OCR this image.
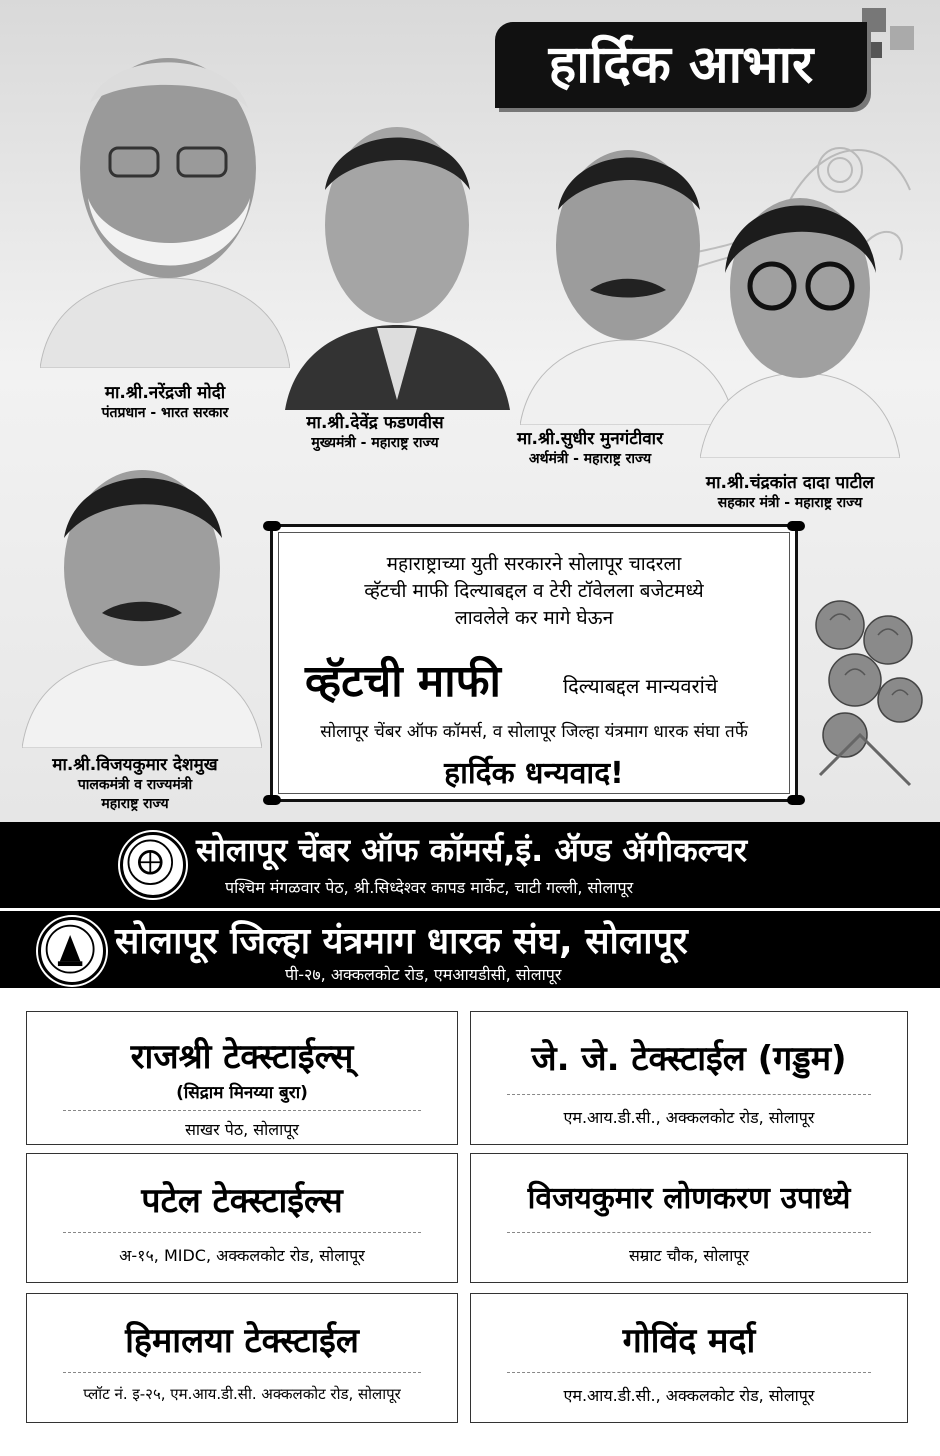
हार्दिक आभार
मा.श्री.नरेंद्रजी मोदी
पंतप्रधान - भारत सरकार	मा.श्री.देवेंद्र फडणवीस
मुख्यमंत्री - महाराष्ट्र राज्य	मा.श्री.सुधीर मुनगंटीवार
अर्थमंत्री - महाराष्ट्र राज्य
मा.श्री.चंद्रकांत दादा पाटील
सहकार मंत्री - महाराष्ट्र राज्य
मा.श्री.विजयकुमार देशमुख
पालकमंत्री व राज्यमंत्री
महाराष्ट्र राज्य
महाराष्ट्राच्या युती सरकारने सोलापूर चादरला
व्हॅटची माफी दिल्याबद्दल व टेरी टॉवेलला बजेटमध्ये
लावलेले कर मागे घेऊन
व्हॅटची माफी	दिल्याबद्दल मान्यवरांचे
सोलापूर चेंबर ऑफ कॉमर्स, व सोलापूर जिल्हा यंत्रमाग धारक संघा तर्फे
हार्दिक धन्यवाद!
सोलापूर चेंबर ऑफ कॉमर्स,इं. ॲण्ड ॲगीकल्चर
पश्चिम मंगळवार पेठ, श्री.सिध्देश्वर कापड मार्केट, चाटी गल्ली, सोलापूर
सोलापूर जिल्हा यंत्रमाग धारक संघ, सोलापूर
पी-२७, अक्कलकोट रोड, एमआयडीसी, सोलापूर
राजश्री टेक्स्टाईल्स्
(सिद्राम मिनय्या बुरा)
साखर पेठ, सोलापूर
जे. जे. टेक्स्टाईल (गड्डम)
एम.आय.डी.सी., अक्कलकोट रोड, सोलापूर
पटेल टेक्स्टाईल्स
अ-१५, MIDC, अक्कलकोट रोड, सोलापूर
विजयकुमार लोणकरण उपाध्ये
सम्राट चौक, सोलापूर
हिमालया टेक्स्टाईल
प्लॉट नं. इ-२५, एम.आय.डी.सी. अक्कलकोट रोड, सोलापूर
गोविंद मर्दा
एम.आय.डी.सी., अक्कलकोट रोड, सोलापूर
